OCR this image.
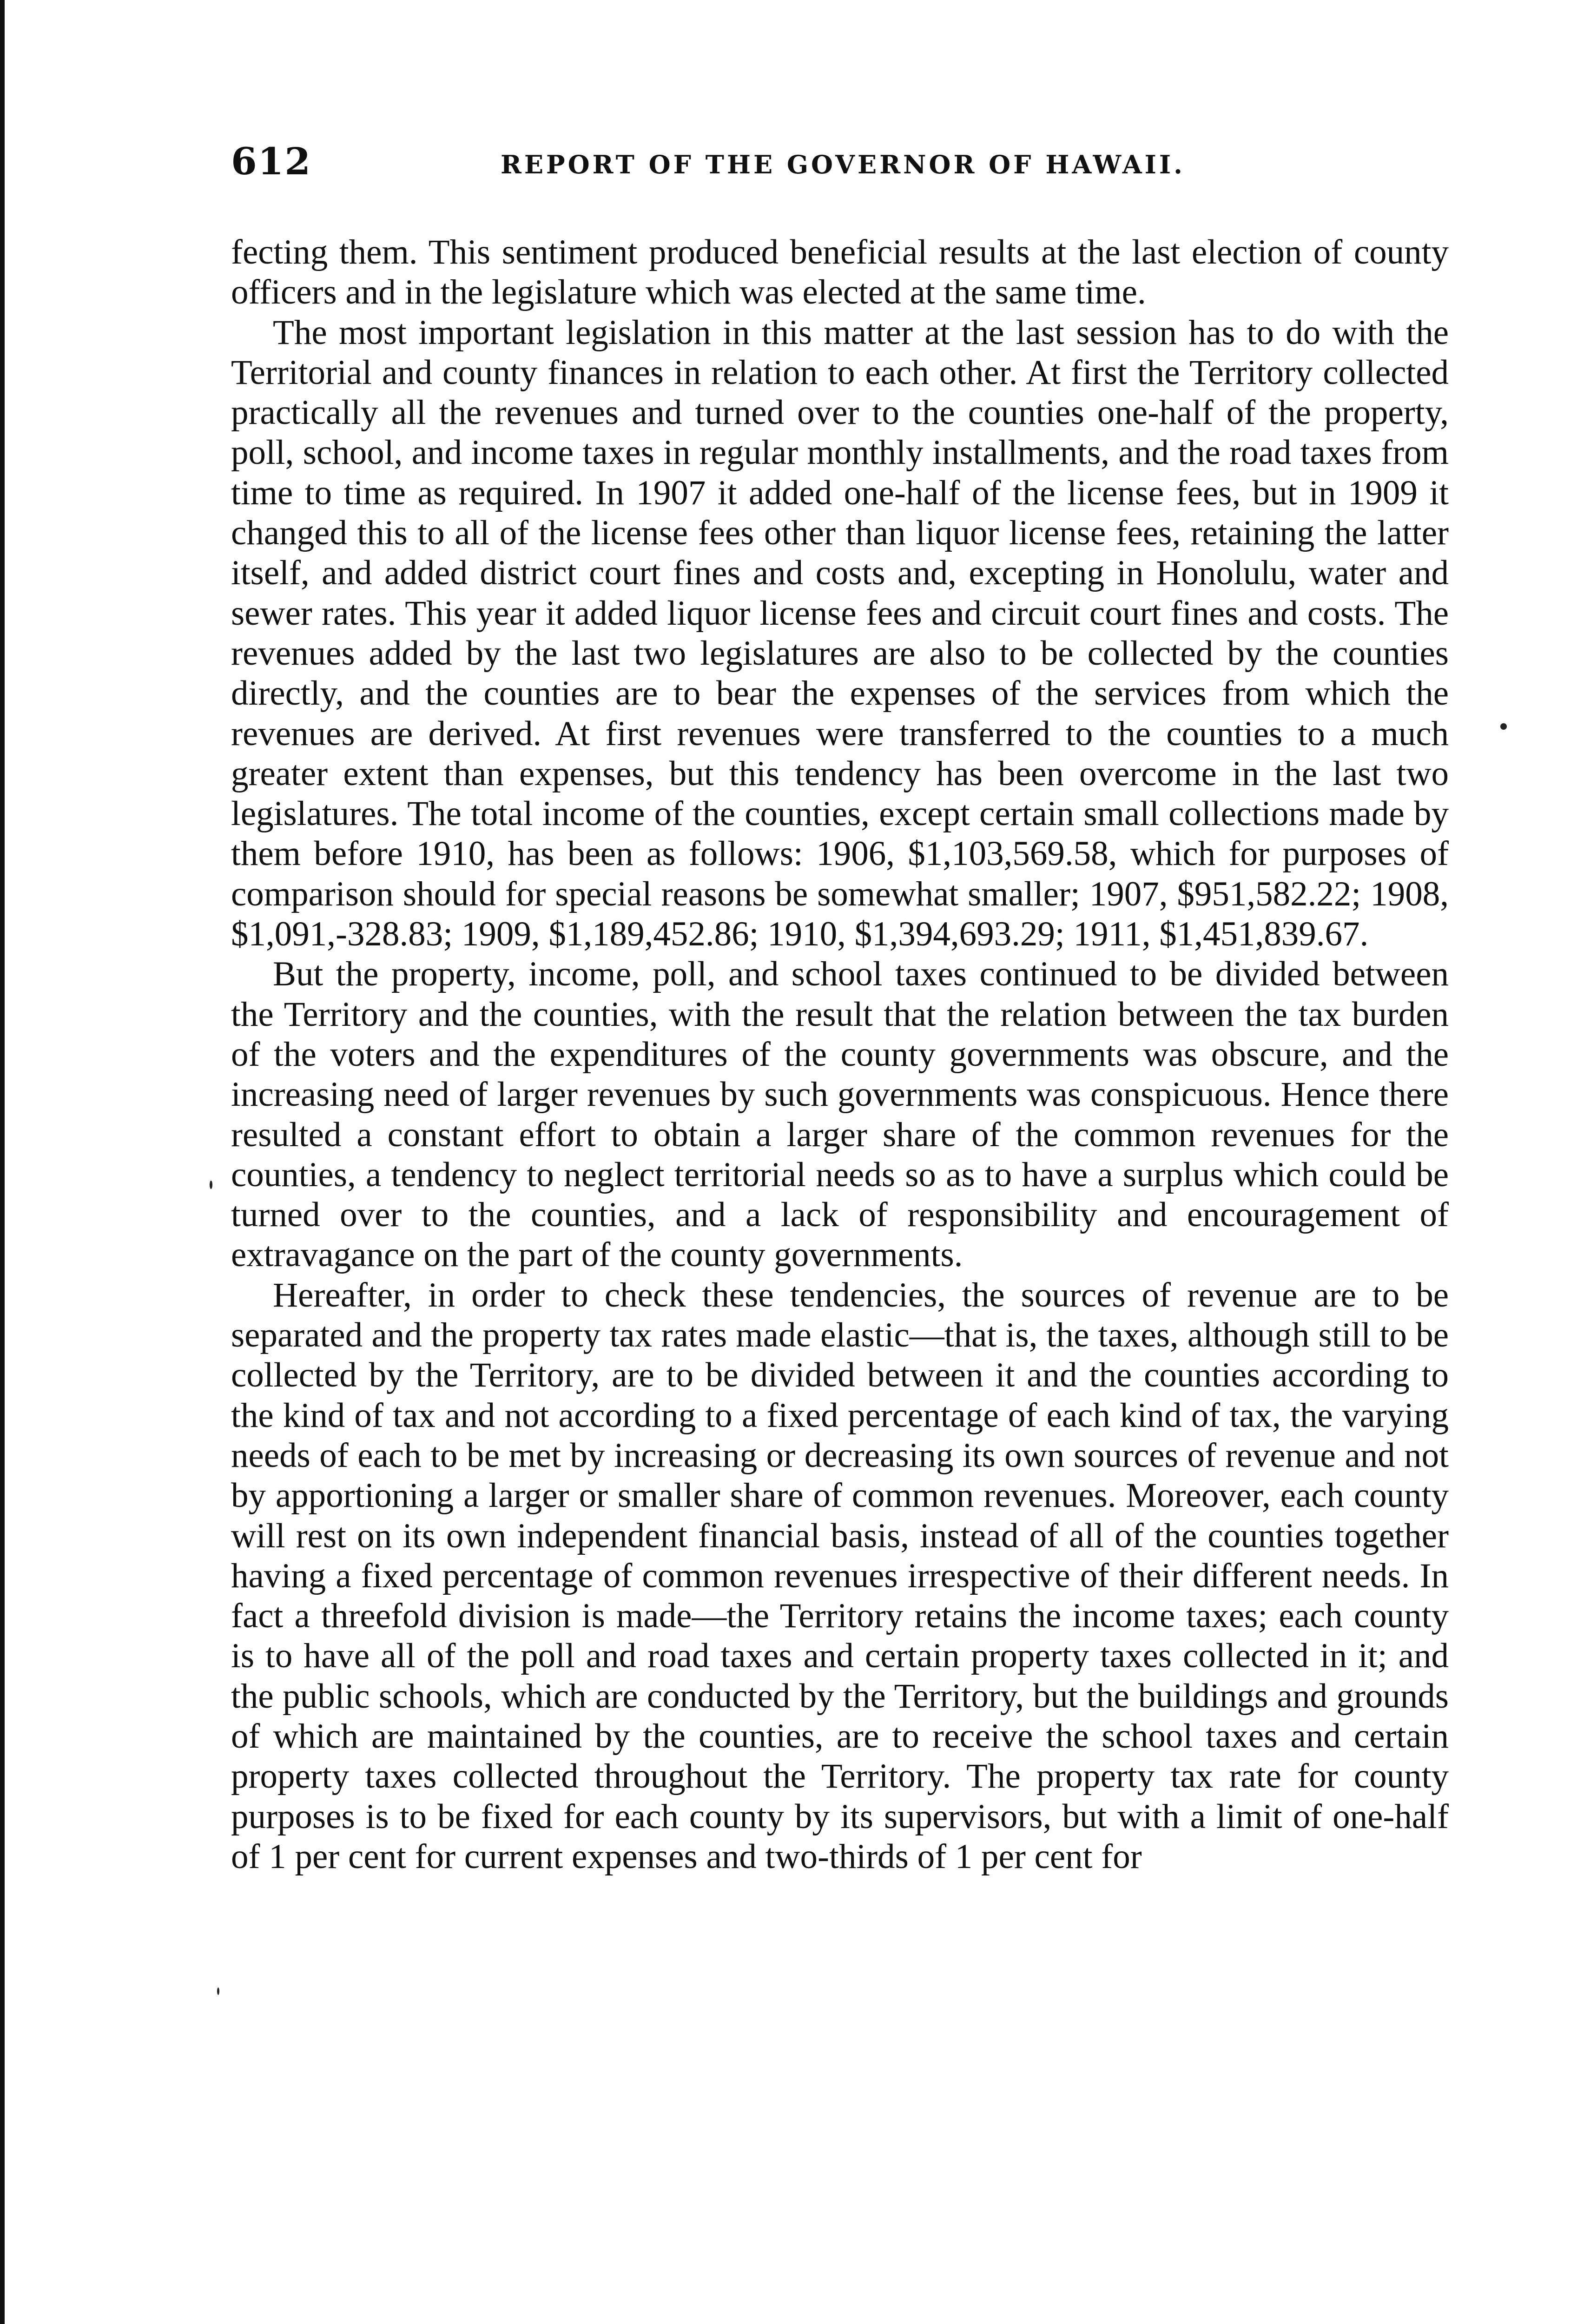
612	REPORT OF THE GOVERNOR OF HAWAII.

fecting them. This sentiment produced beneficial results at the last election of county officers and in the legislature which was elected at the same time.

The most important legislation in this matter at the last session has to do with the Territorial and county finances in relation to each other. At first the Territory collected practically all the revenues and turned over to the counties one-half of the property, poll, school, and income taxes in regular monthly installments, and the road taxes from time to time as required. In 1907 it added one-half of the license fees, but in 1909 it changed this to all of the license fees other than liquor license fees, retaining the latter itself, and added district court fines and costs and, excepting in Honolulu, water and sewer rates. This year it added liquor license fees and circuit court fines and costs. The revenues added by the last two legislatures are also to be collected by the counties directly, and the counties are to bear the expenses of the services from which the revenues are derived. At first revenues were transferred to the counties to a much greater extent than expenses, but this tendency has been overcome in the last two legislatures. The total income of the counties, except certain small collections made by them before 1910, has been as follows: 1906, $1,103,569.58, which for purposes of comparison should for special reasons be somewhat smaller; 1907, $951,582.22; 1908, $1,091,-328.83; 1909, $1,189,452.86; 1910, $1,394,693.29; 1911, $1,451,839.67.

But the property, income, poll, and school taxes continued to be divided between the Territory and the counties, with the result that the relation between the tax burden of the voters and the expenditures of the county governments was obscure, and the increasing need of larger revenues by such governments was conspicuous. Hence there resulted a constant effort to obtain a larger share of the common revenues for the counties, a tendency to neglect territorial needs so as to have a surplus which could be turned over to the counties, and a lack of responsibility and encouragement of extravagance on the part of the county governments.

Hereafter, in order to check these tendencies, the sources of revenue are to be separated and the property tax rates made elastic—that is, the taxes, although still to be collected by the Territory, are to be divided between it and the counties according to the kind of tax and not according to a fixed percentage of each kind of tax, the varying needs of each to be met by increasing or decreasing its own sources of revenue and not by apportioning a larger or smaller share of common revenues. Moreover, each county will rest on its own independent financial basis, instead of all of the counties together having a fixed percentage of common revenues irrespective of their different needs. In fact a threefold division is made—the Territory retains the income taxes; each county is to have all of the poll and road taxes and certain property taxes collected in it; and the public schools, which are conducted by the Territory, but the buildings and grounds of which are maintained by the counties, are to receive the school taxes and certain property taxes collected throughout the Territory. The property tax rate for county purposes is to be fixed for each county by its supervisors, but with a limit of one-half of 1 per cent for current expenses and two-thirds of 1 per cent for
